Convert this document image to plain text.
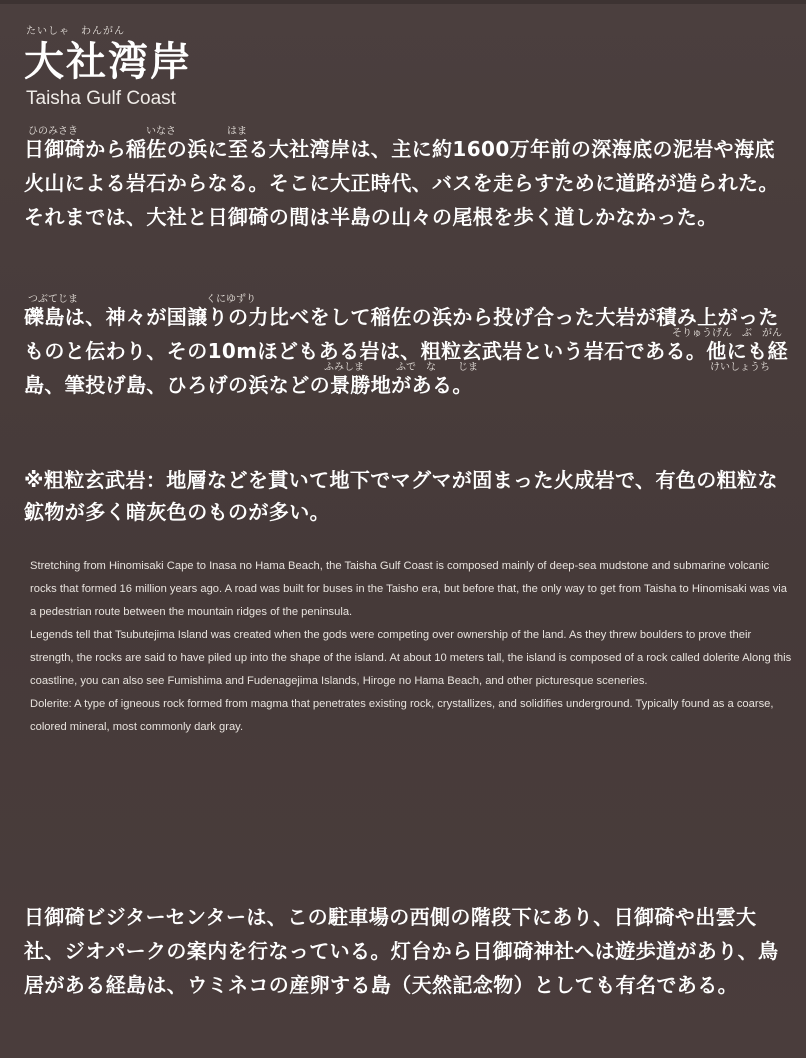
たいしゃ　わんがん
大社湾岸
Taisha Gulf Coast
ひのみさき	いなさ	はま
日御碕から稲佐の浜に至る大社湾岸は、主に約1600万年前の深海底の泥岩や海底火山による岩石からなる。そこに大正時代、バスを走らすために道路が造られた。それまでは、大社と日御碕の間は半島の山々の尾根を歩く道しかなかった。
つぶてじま	くにゆずり
そりゅうげん　ぶ　がん
ふみしま	ふで　な じま	けいしょうち
礫島は、神々が国譲りの力比べをして稲佐の浜から投げ合った大岩が積み上がったものと伝わり、その10mほどもある岩は、粗粒玄武岩という岩石である。他にも経島、筆投げ島、ひろげの浜などの景勝地がある。
※粗粒玄武岩：地層などを貫いて地下でマグマが固まった火成岩で、有色の粗粒な鉱物が多く暗灰色のものが多い。

Stretching from Hinomisaki Cape to Inasa no Hama Beach, the Taisha Gulf Coast is composed mainly of deep-sea mudstone and submarine volcanic rocks that formed 16 million years ago. A road was built for buses in the Taisho era, but before that, the only way to get from Taisha to Hinomisaki was via a pedestrian route between the mountain ridges of the peninsula.

Legends tell that Tsubutejima Island was created when the gods were competing over ownership of the land. As they threw boulders to prove their strength, the rocks are said to have piled up into the shape of the island. At about 10 meters tall, the island is composed of a rock called dolerite Along this coastline, you can also see Fumishima and Fudenagejima Islands, Hiroge no Hama Beach, and other picturesque sceneries.

Dolerite: A type of igneous rock formed from magma that penetrates existing rock, crystallizes, and solidifies underground. Typically found as a coarse, colored mineral, most commonly dark gray.

日御碕ビジターセンターは、この駐車場の西側の階段下にあり、日御碕や出雲大社、ジオパークの案内を行なっている。灯台から日御碕神社へは遊歩道があり、鳥居がある経島は、ウミネコの産卵する島（天然記念物）としても有名である。
